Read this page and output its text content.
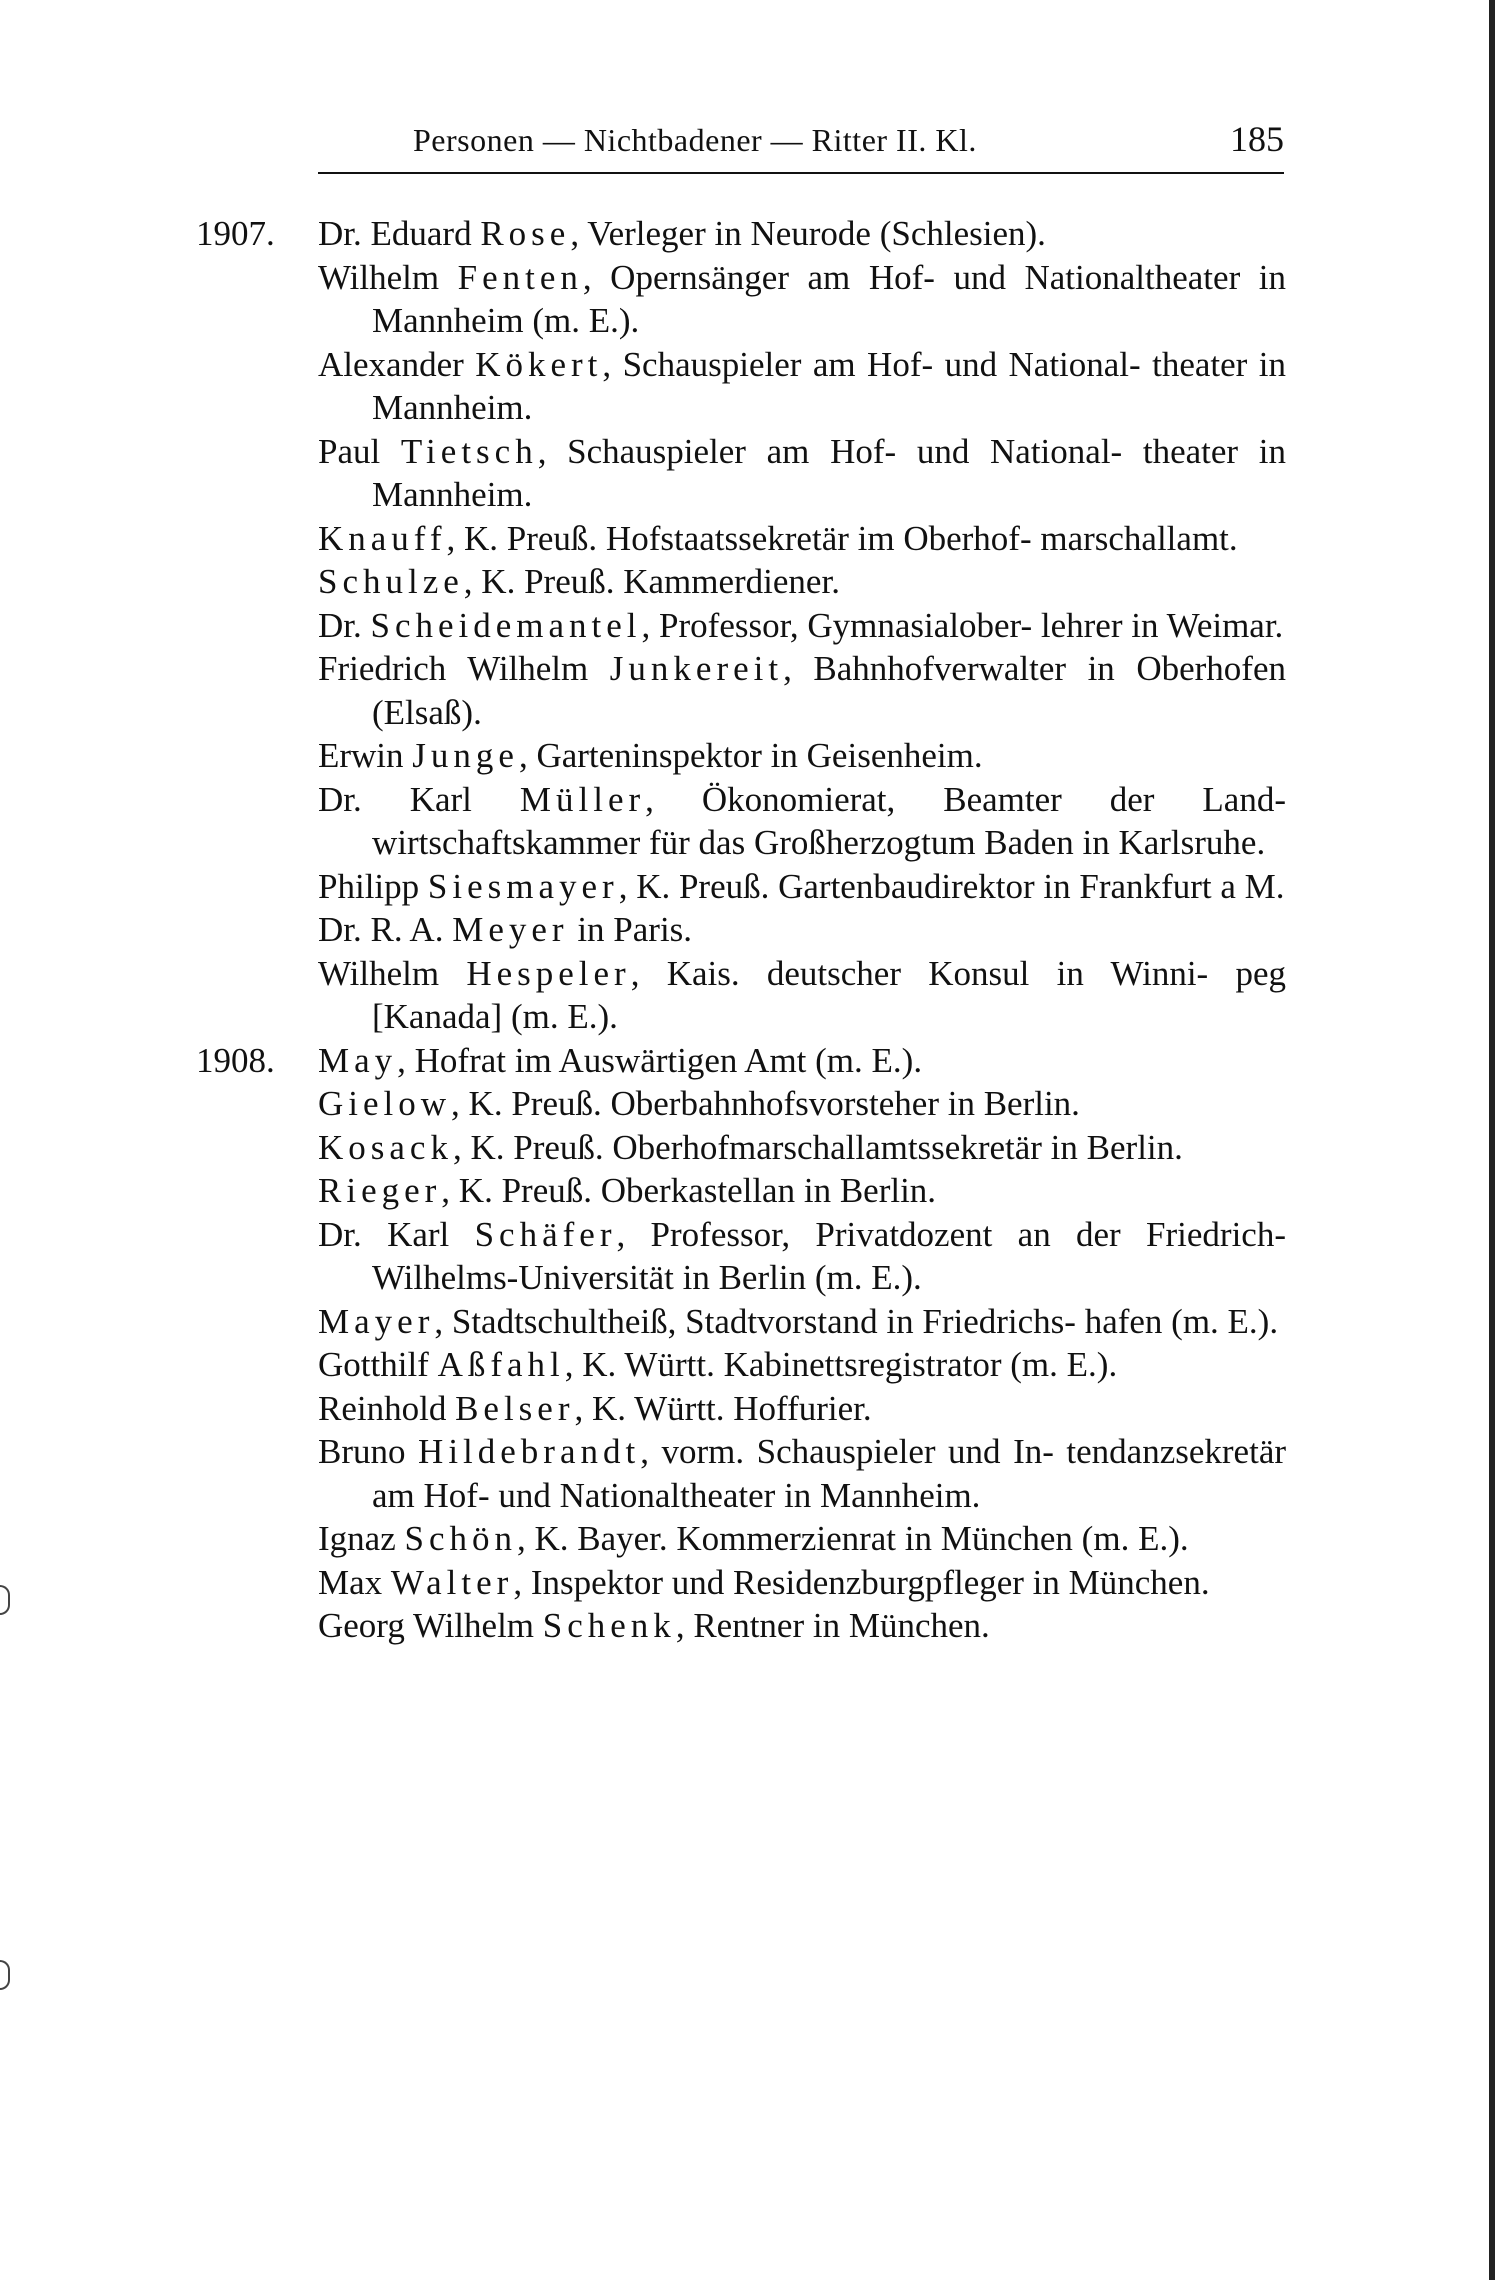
Personen — Nichtbadener — Ritter II. Kl.	185
1907. Dr. Eduard Rose, Verleger in Neurode (Schlesien).
Wilhelm Fenten, Opernsänger am Hof- und Nationaltheater in Mannheim (m. E.).
Alexander Kökert, Schauspieler am Hof- und National- theater in Mannheim.
Paul Tietsch, Schauspieler am Hof- und National- theater in Mannheim.
Knauff, K. Preuß. Hofstaatssekretär im Oberhof- marschallamt.
Schulze, K. Preuß. Kammerdiener.
Dr. Scheidemantel, Professor, Gymnasialober- lehrer in Weimar.
Friedrich Wilhelm Junkereit, Bahnhofverwalter in Oberhofen (Elsaß).
Erwin Junge, Garteninspektor in Geisenheim.
Dr. Karl Müller, Ökonomierat, Beamter der Land- wirtschaftskammer für das Großherzogtum Baden in Karlsruhe.
Philipp Siesmayer, K. Preuß. Gartenbaudirektor in Frankfurt a M.
Dr. R. A. Meyer in Paris.
Wilhelm Hespeler, Kais. deutscher Konsul in Winni- peg [Kanada] (m. E.).
1908. May, Hofrat im Auswärtigen Amt (m. E.).
Gielow, K. Preuß. Oberbahnhofsvorsteher in Berlin.
Kosack, K. Preuß. Oberhofmarschallamtssekretär in Berlin.
Rieger, K. Preuß. Oberkastellan in Berlin.
Dr. Karl Schäfer, Professor, Privatdozent an der Friedrich-Wilhelms-Universität in Berlin (m. E.).
Mayer, Stadtschultheiß, Stadtvorstand in Friedrichs- hafen (m. E.).
Gotthilf Aßfahl, K. Württ. Kabinettsregistrator (m. E.).
Reinhold Belser, K. Württ. Hoffurier.
Bruno Hildebrandt, vorm. Schauspieler und In- tendanzsekretär am Hof- und Nationaltheater in Mannheim.
Ignaz Schön, K. Bayer. Kommerzienrat in München (m. E.).
Max Walter, Inspektor und Residenzburgpfleger in München.
Georg Wilhelm Schenk, Rentner in München.
